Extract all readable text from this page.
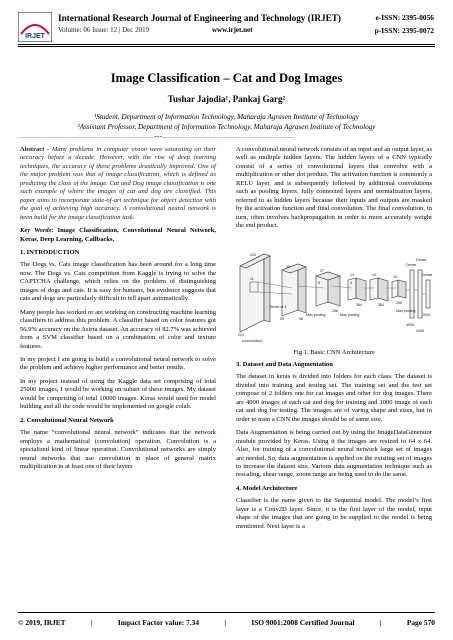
IRJET
International Research Journal of Engineering and Technology (IRJET)
Volume: 06 Issue: 12 | Dec 2019	www.irjet.net
e-ISSN: 2395-0056
p-ISSN: 2395-0072
Image Classification – Cat and Dog Images
Tushar Jajodia¹, Pankaj Garg²
¹Student, Department of Information Technology, Maharaja Agrasen Institute of Technology
²Assistant Professor, Department of Information Technology, Maharaja Agrasen Institute of Technology
-------------------------------------------------------------------------***-----------------------------------------------------------------------

Abstract - Many problems in computer vision were saturating on their accuracy before a decade. However, with the rise of deep learning techniques, the accuracy of these problems drastically improved. One of the major problem was that of image classification, which is defined as predicting the class of the image. Cat and Dog image classification is one such example of where the images of cat and dog are classified. This paper aims to incorporate state-of-art technique for object detection with the goal of achieving high accuracy. A convolutional neural network is been build for the image classification task.

Key Words: Image Classification, Convolutional Neural Network, Keras, Deep Learning, Callbacks.

1. INTRODUCTION

The Dogs vs. Cats image classification has been around for a long time now. The Dogs vs. Cats competition from Kaggle is trying to solve the CAPTCHA challenge, which relies on the problem of distinguishing images of dogs and cats. It is easy for humans, but evidence suggests that cats and dogs are particularly difficult to tell apart automatically.

Many people has worked or are working on constructing machine learning classifiers to address this problem. A classifier based on color features got 56.9% accuracy on the Asirra dataset. An accuracy of 82.7% was achieved from a SVM classifier based on a combination of color and texture features.

In my project I am going to build a convolutional neural network to solve the problem and achieve higher performance and better results.

In my project instead of using the Kaggle data set comprising of total 25000 images, I would be working on subset of these images. My dataset would be comprising of total 10000 images. Keras would used for model building and all the code would be implemented on google colab.

2. Convolutional Neural Network

The name “convolutional neural network” indicates that the network employs a mathematical (convolution) operation. Convolution is a specialized kind of linear operation. Convolutional networks are simply neural networks that use convolution in place of general matrix multiplication in at least one of their layers

A convolutional neural network consists of an input and an output layer, as well as multiple hidden layers. The hidden layers of a CNN typically consist of a series of convolutional layers that convolve with a multiplication or other dot product. The activation function is commonly a RELU layer, and is subsequently followed by additional convolutions such as pooling layers, fully connected layers and normalization layers, referred to as hidden layers because their inputs and outputs are masked by the activation function and final convolution. The final convolution, in turn, often involves backpropagation in order to more accurately weight the end product.

224
224
11
55
55	96
27
5
256
13
3
384
13
384
13
256
Dense
Dense
Dense
4096
4096
1000
Stride of 4
Max pooling	Max pooling
Max pooling
(convolution)
Fig 1. Basic CNN Architecture
3. Dataset and Data Augmentation

The dataset in keras is divided into folders for each class. The dataset is divided into training and testing set. The training set and the test set compose of 2 folders one for cat images and other for dog images. There are 4000 images of each cat and dog for training and 1000 image of each cat and dog for testing. The images are of varing shape and sizes, but in order to train a CNN the images should be of same size.

Data Augmentation is being carried out by using the ImageDataGenerator module provided by Keras. Using it the images are resized to 64 x 64. Also, for training of a convolutional neural network large set of images are needed. So, data augmentation is applied on the existing set of images to increase the dataset size. Various data augmentation technique such as rescaling, shear range, zoom range are being used to do the same.

4. Model Architecture

Classifier is the name given to the Sequential model. The model’s first layer is a Conv2D layer. Since, it is the first layer of the model, input shape of the images that are going to be supplied to the model is being mentioned. Next layer is a

© 2019, IRJET	|	Impact Factor value: 7.34	|	ISO 9001:2008 Certified Journal	|	Page 570
